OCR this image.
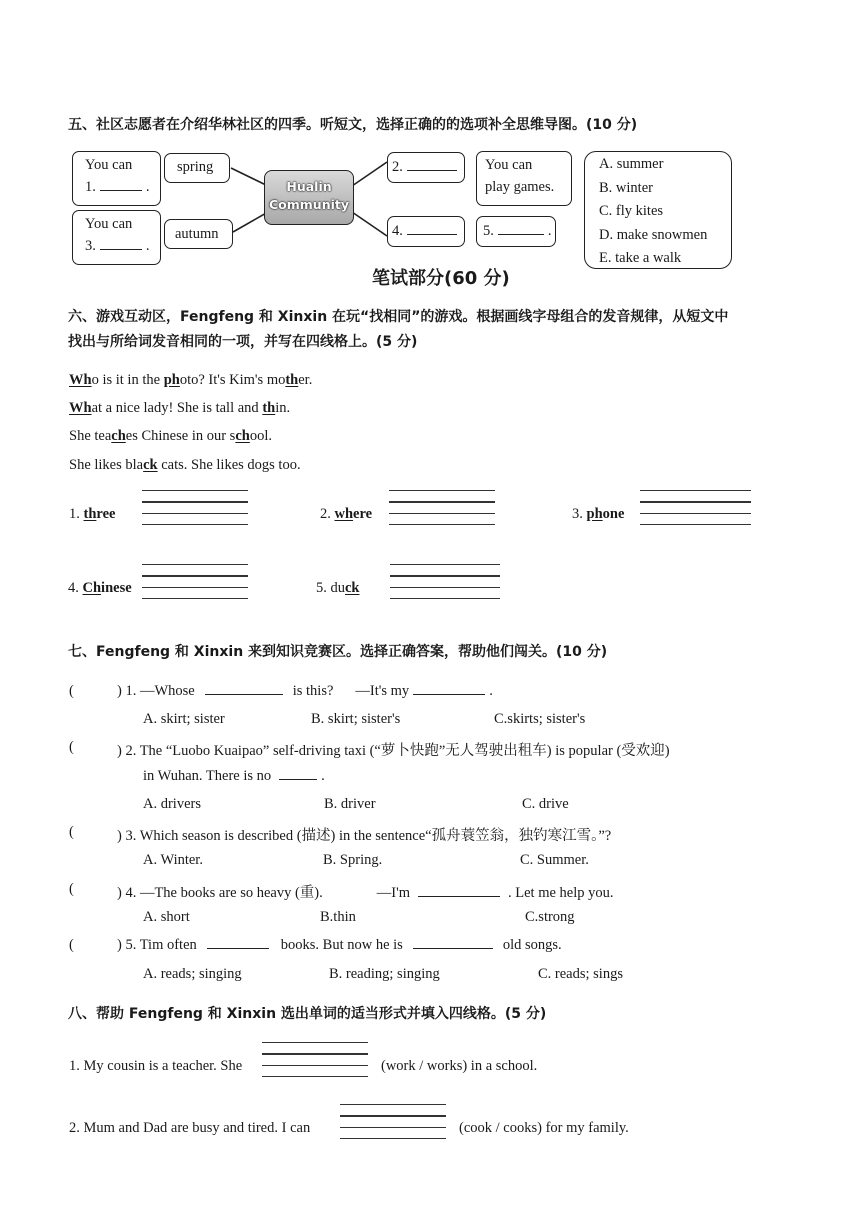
五、社区志愿者在介绍华林社区的四季。听短文，选择正确的的选项补全思维导图。(10 分)
You can
1.	.
spring
You can
3.	.
autumn
Hualin Community
2.
4.
You can
play games.
5.	.
A. summer
B. winter
C. fly kites
D. make snowmen
E. take a walk
笔试部分(60 分)
六、游戏互动区，Fengfeng 和 Xinxin 在玩“找相同”的游戏。根据画线字母组合的发音规律，从短文中
找出与所给词发音相同的一项，并写在四线格上。(5 分)
Who is it in the photo? It's Kim's mother.
What a nice lady! She is tall and thin.
She teaches Chinese in our school.
She likes black cats. She likes dogs too.
1. three	2. where	3. phone
4. Chinese	5. duck
七、Fengfeng 和 Xinxin 来到知识竞赛区。选择正确答案，帮助他们闯关。(10 分)
(	) 1. —Whose	is this? —It's my	.
A. skirt; sister	B. skirt; sister's	C.skirts; sister's
(	) 2. The “Luobo Kuaipao” self-driving taxi (“萝卜快跑”无人驾驶出租车) is popular (受欢迎)
in Wuhan. There is no	.
A. drivers	B. driver	C. drive
(	) 3. Which season is described (描述) in the sentence“孤舟蓑笠翁，独钓寒江雪。”?
A. Winter.	B. Spring.	C. Summer.
(	) 4. —The books are so heavy (重).	—I'm	. Let me help you.
A. short	B.thin	C.strong
(	) 5. Tim often	books. But now he is	old songs.
A. reads; singing	B. reading; singing	C. reads; sings
八、帮助 Fengfeng 和 Xinxin 选出单词的适当形式并填入四线格。(5 分)
1. My cousin is a teacher. She	(work / works) in a school.
2. Mum and Dad are busy and tired. I can	(cook / cooks) for my family.
